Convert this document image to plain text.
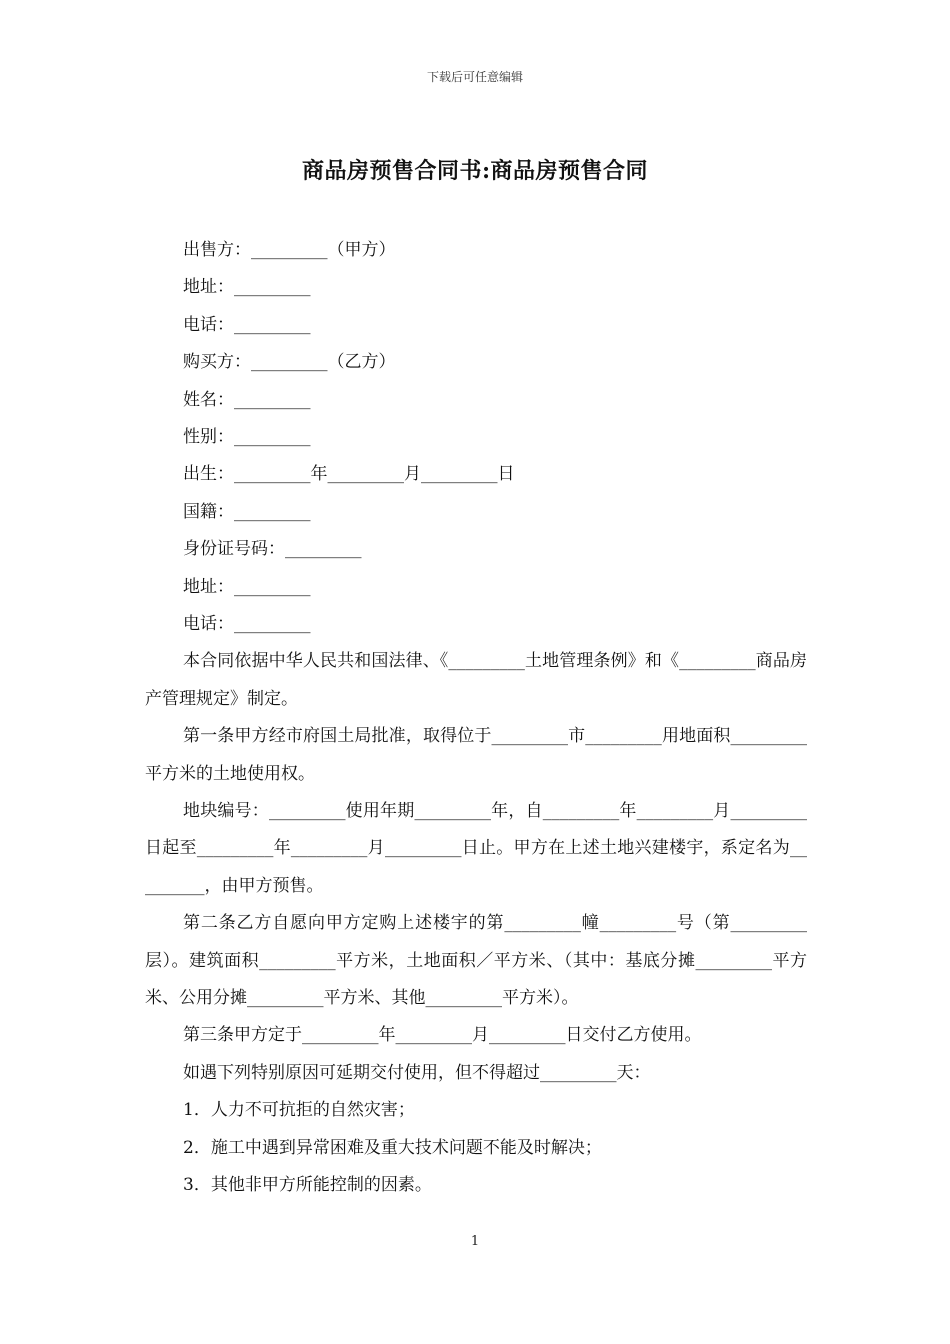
下载后可任意编辑
商品房预售合同书:商品房预售合同
出售方：_________（甲方）
地址：_________
电话：_________
购买方：_________（乙方）
姓名：_________
性别：_________
出生：_________年_________月_________日
国籍：_________
身份证号码：_________
地址：_________
电话：_________
本合同依据中华人民共和国法律、《_________土地管理条例》和《_________商品房产管理规定》制定。
第一条甲方经市府国土局批准，取得位于_________市_________用地面积_________平方米的土地使用权。
地块编号：_________使用年期_________年，自_________年_________月_________日起至_________年_________月_________日止。甲方在上述土地兴建楼宇，系定名为_________，由甲方预售。
第二条乙方自愿向甲方定购上述楼宇的第_________幢_________号（第_________层）。建筑面积_________平方米，土地面积／平方米、（其中：基底分摊_________平方米、公用分摊_________平方米、其他_________平方米）。
第三条甲方定于_________年_________月_________日交付乙方使用。
如遇下列特别原因可延期交付使用，但不得超过_________天：
1．人力不可抗拒的自然灾害；
2．施工中遇到异常困难及重大技术问题不能及时解决；
3．其他非甲方所能控制的因素。
1
